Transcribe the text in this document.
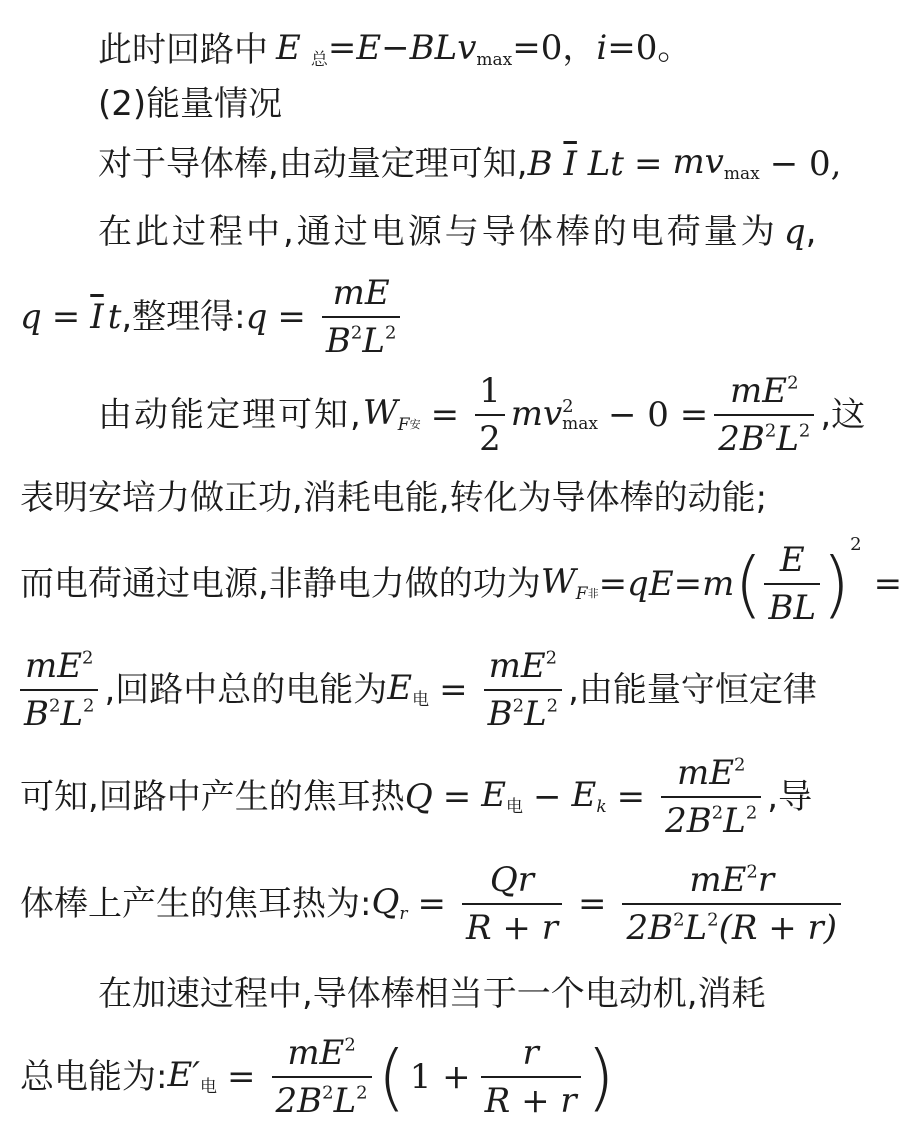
此时回路中 E $_总$=E−BLv$_{max}$=0，i=0。
(2)能量情况
对于导体棒,由动量定理可知, B $\overline{I}$ $Lt = mv_{max} - 0$,
在此过程中,通过电源与导体棒的电荷量为 q ,
$q = \overline{I}$ t ,整理得: $q = \frac{mE}{B^2L^2}$
由动能定理可知, $WF_安 = \frac{1}{2}$ mv 2
$\max - 0 = \frac{mE^2}{2B^2L^2}$ ,这
表明安培力做正功,消耗电能,转化为导体棒的动能;
而电荷通过电源,非静电力做的功为 $WF_非 =qE=m$ ( $\frac{E}{BL}$ ) 2
=
$\frac{mE^2}{B^2L^2}$ ,回路中总的电能为 $E_电 = \frac{mE^2}{B^2L^2}$ ,由能量守恒定律
可知,回路中产生的焦耳热 $Q = E_电 - Ek = \frac{mE^2}{2B^2L^2}$ ,导
体棒上产生的焦耳热为: $Qr = \frac{Qr}{R + r} = \frac{mE^2r}{2B^2L^2(R + r)}$
在加速过程中,导体棒相当于一个电动机,消耗
总电能为: $E'_电 = \frac{mE^2}{2B^2L^2}$ ( $1 + \frac{r}{R + r}$ )
